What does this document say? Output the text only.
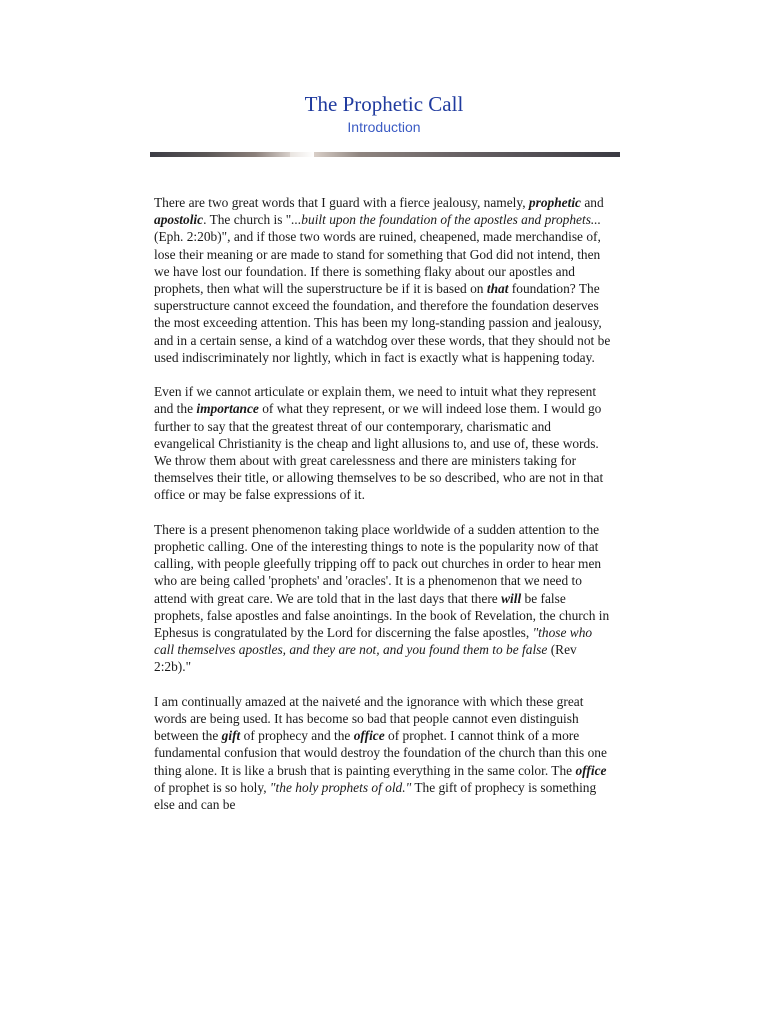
The Prophetic Call
Introduction

There are two great words that I guard with a fierce jealousy, namely, prophetic and apostolic. The church is "...built upon the foundation of the apostles and prophets...(Eph. 2:20b)", and if those two words are ruined, cheapened, made merchandise of, lose their meaning or are made to stand for something that God did not intend, then we have lost our foundation. If there is something flaky about our apostles and prophets, then what will the superstructure be if it is based on that foundation? The superstructure cannot exceed the foundation, and therefore the foundation deserves the most exceeding attention. This has been my long-standing passion and jealousy, and in a certain sense, a kind of a watchdog over these words, that they should not be used indiscriminately nor lightly, which in fact is exactly what is happening today.

Even if we cannot articulate or explain them, we need to intuit what they represent and the importance of what they represent, or we will indeed lose them. I would go further to say that the greatest threat of our contemporary, charismatic and evangelical Christianity is the cheap and light allusions to, and use of, these words. We throw them about with great carelessness and there are ministers taking for themselves their title, or allowing themselves to be so described, who are not in that office or may be false expressions of it.

There is a present phenomenon taking place worldwide of a sudden attention to the prophetic calling. One of the interesting things to note is the popularity now of that calling, with people gleefully tripping off to pack out churches in order to hear men who are being called 'prophets' and 'oracles'. It is a phenomenon that we need to attend with great care. We are told that in the last days that there will be false prophets, false apostles and false anointings. In the book of Revelation, the church in Ephesus is congratulated by the Lord for discerning the false apostles, "those who call themselves apostles, and they are not, and you found them to be false (Rev 2:2b)."

I am continually amazed at the naiveté and the ignorance with which these great words are being used. It has become so bad that people cannot even distinguish between the gift of prophecy and the office of prophet. I cannot think of a more fundamental confusion that would destroy the foundation of the church than this one thing alone. It is like a brush that is painting everything in the same color. The office of prophet is so holy, "the holy prophets of old." The gift of prophecy is something else and can be
